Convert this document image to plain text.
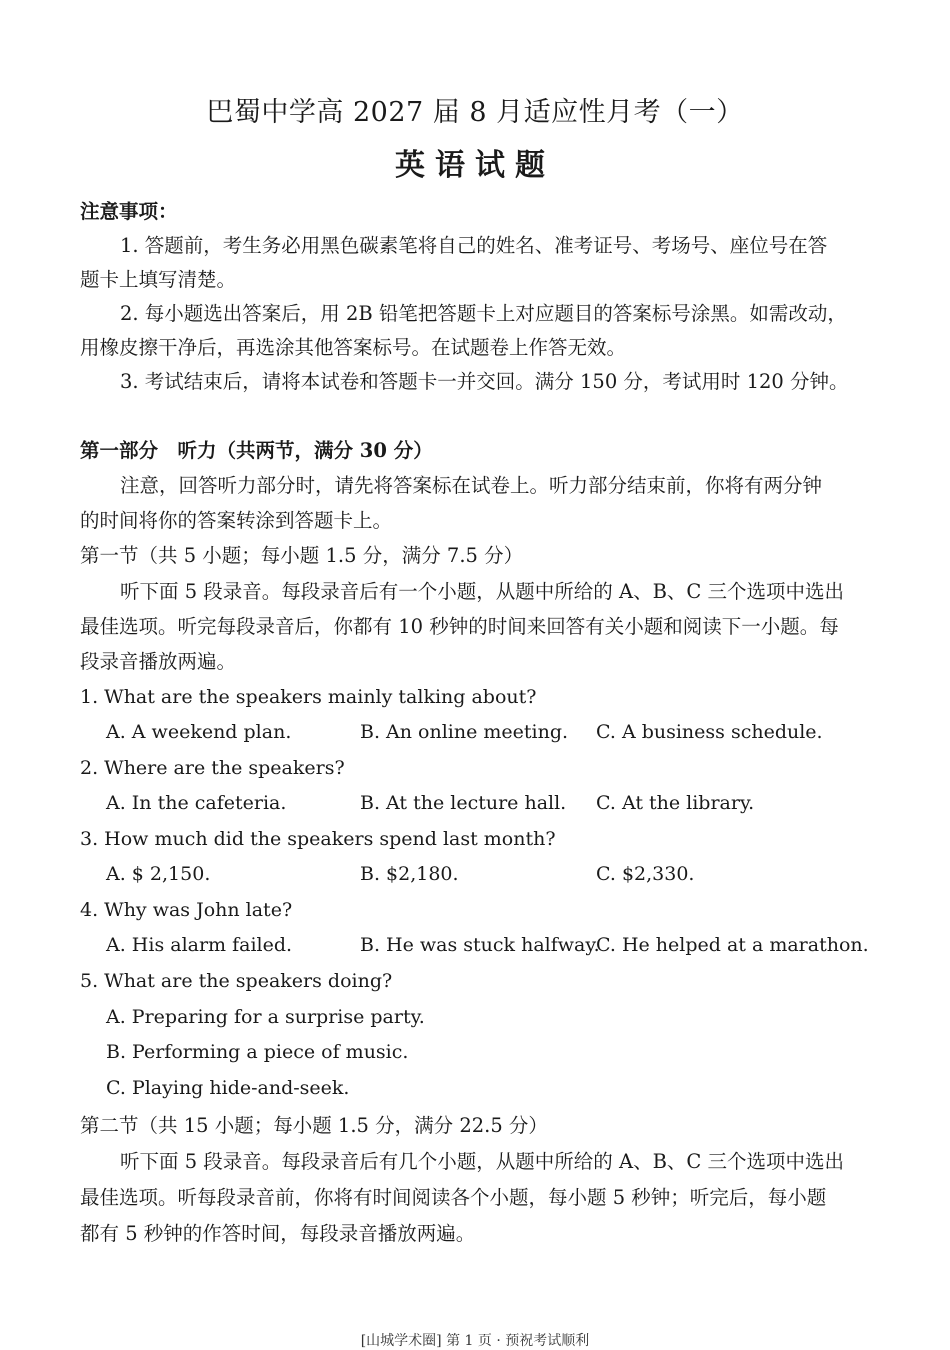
巴蜀中学高 2027 届 8 月适应性月考（一）
英语试题
注意事项：
1. 答题前，考生务必用黑色碳素笔将自己的姓名、准考证号、考场号、座位号在答
题卡上填写清楚。
2. 每小题选出答案后，用 2B 铅笔把答题卡上对应题目的答案标号涂黑。如需改动，
用橡皮擦干净后，再选涂其他答案标号。在试题卷上作答无效。
3. 考试结束后，请将本试卷和答题卡一并交回。满分 150 分，考试用时 120 分钟。
第一部分　听力（共两节，满分 30 分）
注意，回答听力部分时，请先将答案标在试卷上。听力部分结束前，你将有两分钟
的时间将你的答案转涂到答题卡上。
第一节（共 5 小题；每小题 1.5 分，满分 7.5 分）
听下面 5 段录音。每段录音后有一个小题，从题中所给的 A、B、C 三个选项中选出
最佳选项。听完每段录音后，你都有 10 秒钟的时间来回答有关小题和阅读下一小题。每
段录音播放两遍。
1. What are the speakers mainly talking about?
A. A weekend plan.	B. An online meeting. C. A business schedule.
2. Where are the speakers?
A. In the cafeteria.	B. At the lecture hall. C. At the library.
3. How much did the speakers spend last month?
A. $ 2,150.	B. $2,180.	C. $2,330.
4. Why was John late?
A. His alarm failed.	B. He was stuck halfway.
C. He helped at a marathon.
5. What are the speakers doing?
A. Preparing for a surprise party.
B. Performing a piece of music.
C. Playing hide-and-seek.
第二节（共 15 小题；每小题 1.5 分，满分 22.5 分）
听下面 5 段录音。每段录音后有几个小题，从题中所给的 A、B、C 三个选项中选出
最佳选项。听每段录音前，你将有时间阅读各个小题，每小题 5 秒钟；听完后，每小题
都有 5 秒钟的作答时间，每段录音播放两遍。
[山城学术圈] 第 1 页 · 预祝考试顺利
